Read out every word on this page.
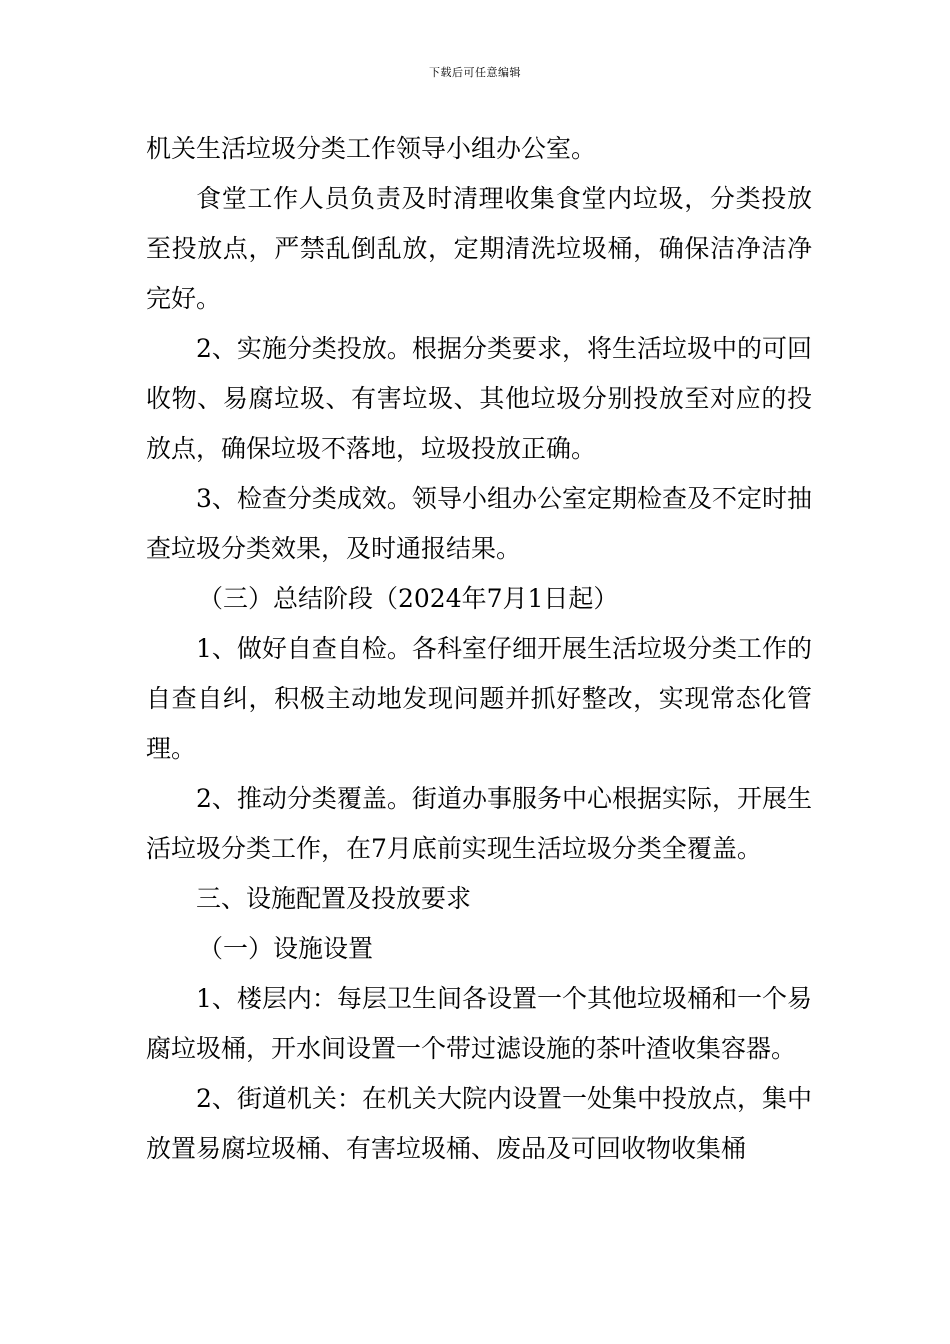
下载后可任意编辑

机关生活垃圾分类工作领导小组办公室。

食堂工作人员负责及时清理收集食堂内垃圾，分类投放至投放点，严禁乱倒乱放，定期清洗垃圾桶，确保洁净洁净完好。

2、实施分类投放。根据分类要求，将生活垃圾中的可回收物、易腐垃圾、有害垃圾、其他垃圾分别投放至对应的投放点，确保垃圾不落地，垃圾投放正确。

3、检查分类成效。领导小组办公室定期检查及不定时抽查垃圾分类效果，及时通报结果。

（三）总结阶段（2024年7月1日起）

1、做好自查自检。各科室仔细开展生活垃圾分类工作的自查自纠，积极主动地发现问题并抓好整改，实现常态化管理。

2、推动分类覆盖。街道办事服务中心根据实际，开展生活垃圾分类工作，在7月底前实现生活垃圾分类全覆盖。

三、设施配置及投放要求

（一）设施设置

1、楼层内：每层卫生间各设置一个其他垃圾桶和一个易腐垃圾桶，开水间设置一个带过滤设施的茶叶渣收集容器。

2、街道机关：在机关大院内设置一处集中投放点，集中放置易腐垃圾桶、有害垃圾桶、废品及可回收物收集桶
